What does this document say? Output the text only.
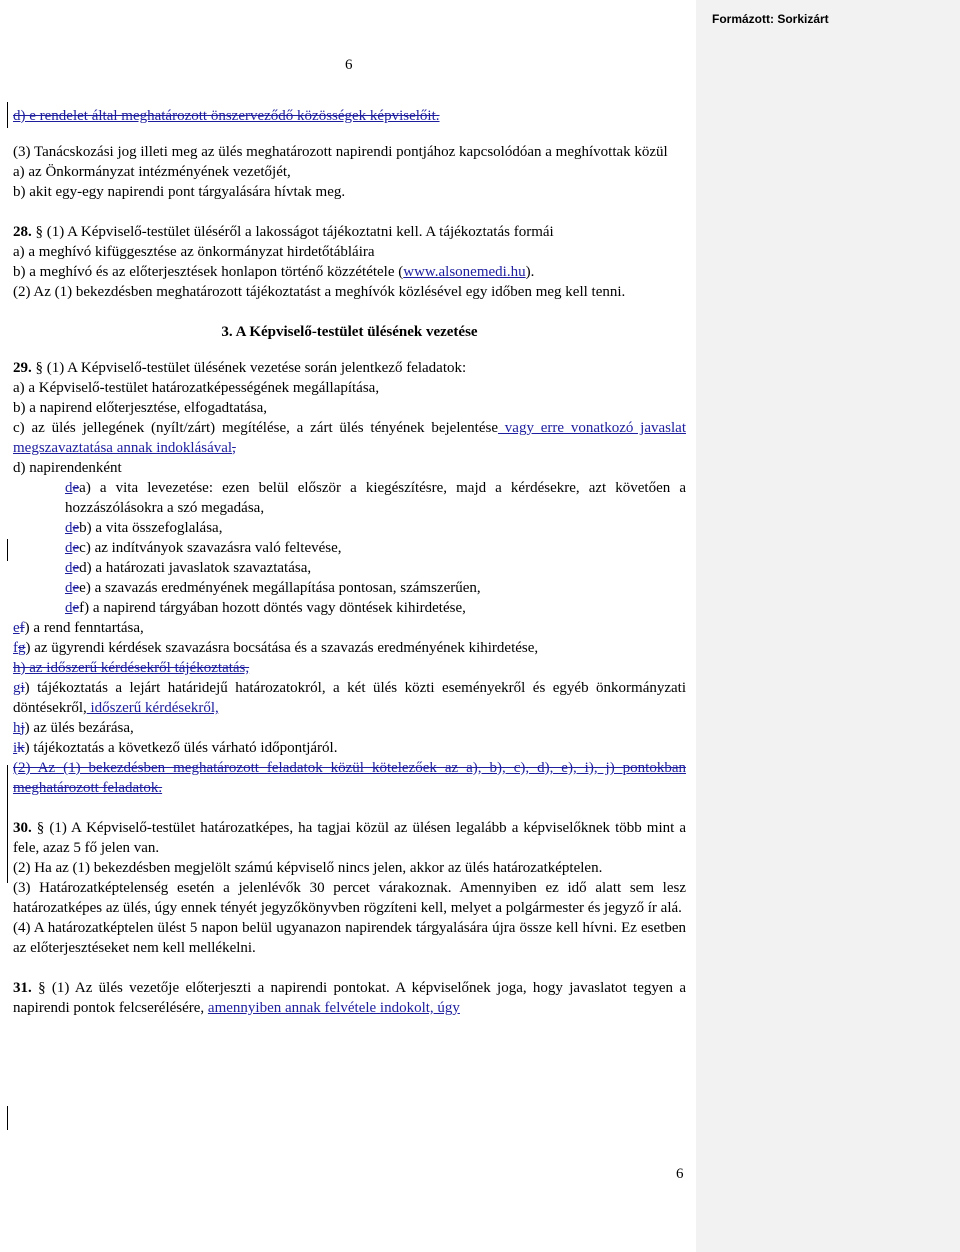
Formázott: Sorkizárt
6

d) e rendelet által meghatározott önszerveződő közösségek képviselőit.

(3) Tanácskozási jog illeti meg az ülés meghatározott napirendi pontjához kapcsolódóan a meghívottak közül

a) az Önkormányzat intézményének vezetőjét,

b) akit egy-egy napirendi pont tárgyalására hívtak meg.

28. § (1) A Képviselő-testület üléséről a lakosságot tájékoztatni kell. A tájékoztatás formái

a) a meghívó kifüggesztése az önkormányzat hirdetőtábláira

b) a meghívó és az előterjesztések honlapon történő közzététele (www.alsonemedi.hu).

(2) Az (1) bekezdésben meghatározott tájékoztatást a meghívók közlésével egy időben meg kell tenni.

3. A Képviselő-testület ülésének vezetése

29. § (1) A Képviselő-testület ülésének vezetése során jelentkező feladatok:

a) a Képviselő-testület határozatképességének megállapítása,

b) a napirend előterjesztése, elfogadtatása,

c) az ülés jellegének (nyílt/zárt) megítélése, a zárt ülés tényének bejelentése vagy erre vonatkozó javaslat megszavaztatása annak indoklásával,

d) napirendenként

dea) a vita levezetése: ezen belül először a kiegészítésre, majd a kérdésekre, azt követően a hozzászólásokra a szó megadása,

deb) a vita összefoglalása,

dec) az indítványok szavazásra való feltevése,

ded) a határozati javaslatok szavaztatása,

dee) a szavazás eredményének megállapítása pontosan, számszerűen,

def) a napirend tárgyában hozott döntés vagy döntések kihirdetése,

ef) a rend fenntartása,

fg) az ügyrendi kérdések szavazásra bocsátása és a szavazás eredményének kihirdetése,

h) az időszerű kérdésekről tájékoztatás,

gi) tájékoztatás a lejárt határidejű határozatokról, a két ülés közti eseményekről és egyéb önkormányzati döntésekről, időszerű kérdésekről,

hj) az ülés bezárása,

ik) tájékoztatás a következő ülés várható időpontjáról.

(2) Az (1) bekezdésben meghatározott feladatok közül kötelezőek az a), b), c), d), e), i), j) pontokban meghatározott feladatok.

30. § (1) A Képviselő-testület határozatképes, ha tagjai közül az ülésen legalább a képviselőknek több mint a fele, azaz 5 fő jelen van.

(2) Ha az (1) bekezdésben megjelölt számú képviselő nincs jelen, akkor az ülés határozatképtelen.

(3) Határozatképtelenség esetén a jelenlévők 30 percet várakoznak. Amennyiben ez idő alatt sem lesz határozatképes az ülés, úgy ennek tényét jegyzőkönyvben rögzíteni kell, melyet a polgármester és jegyző ír alá.

(4) A határozatképtelen ülést 5 napon belül ugyanazon napirendek tárgyalására újra össze kell hívni. Ez esetben az előterjesztéseket nem kell mellékelni.

31. § (1) Az ülés vezetője előterjeszti a napirendi pontokat. A képviselőnek joga, hogy javaslatot tegyen a napirendi pontok felcserélésére, amennyiben annak felvétele indokolt, úgy

6
